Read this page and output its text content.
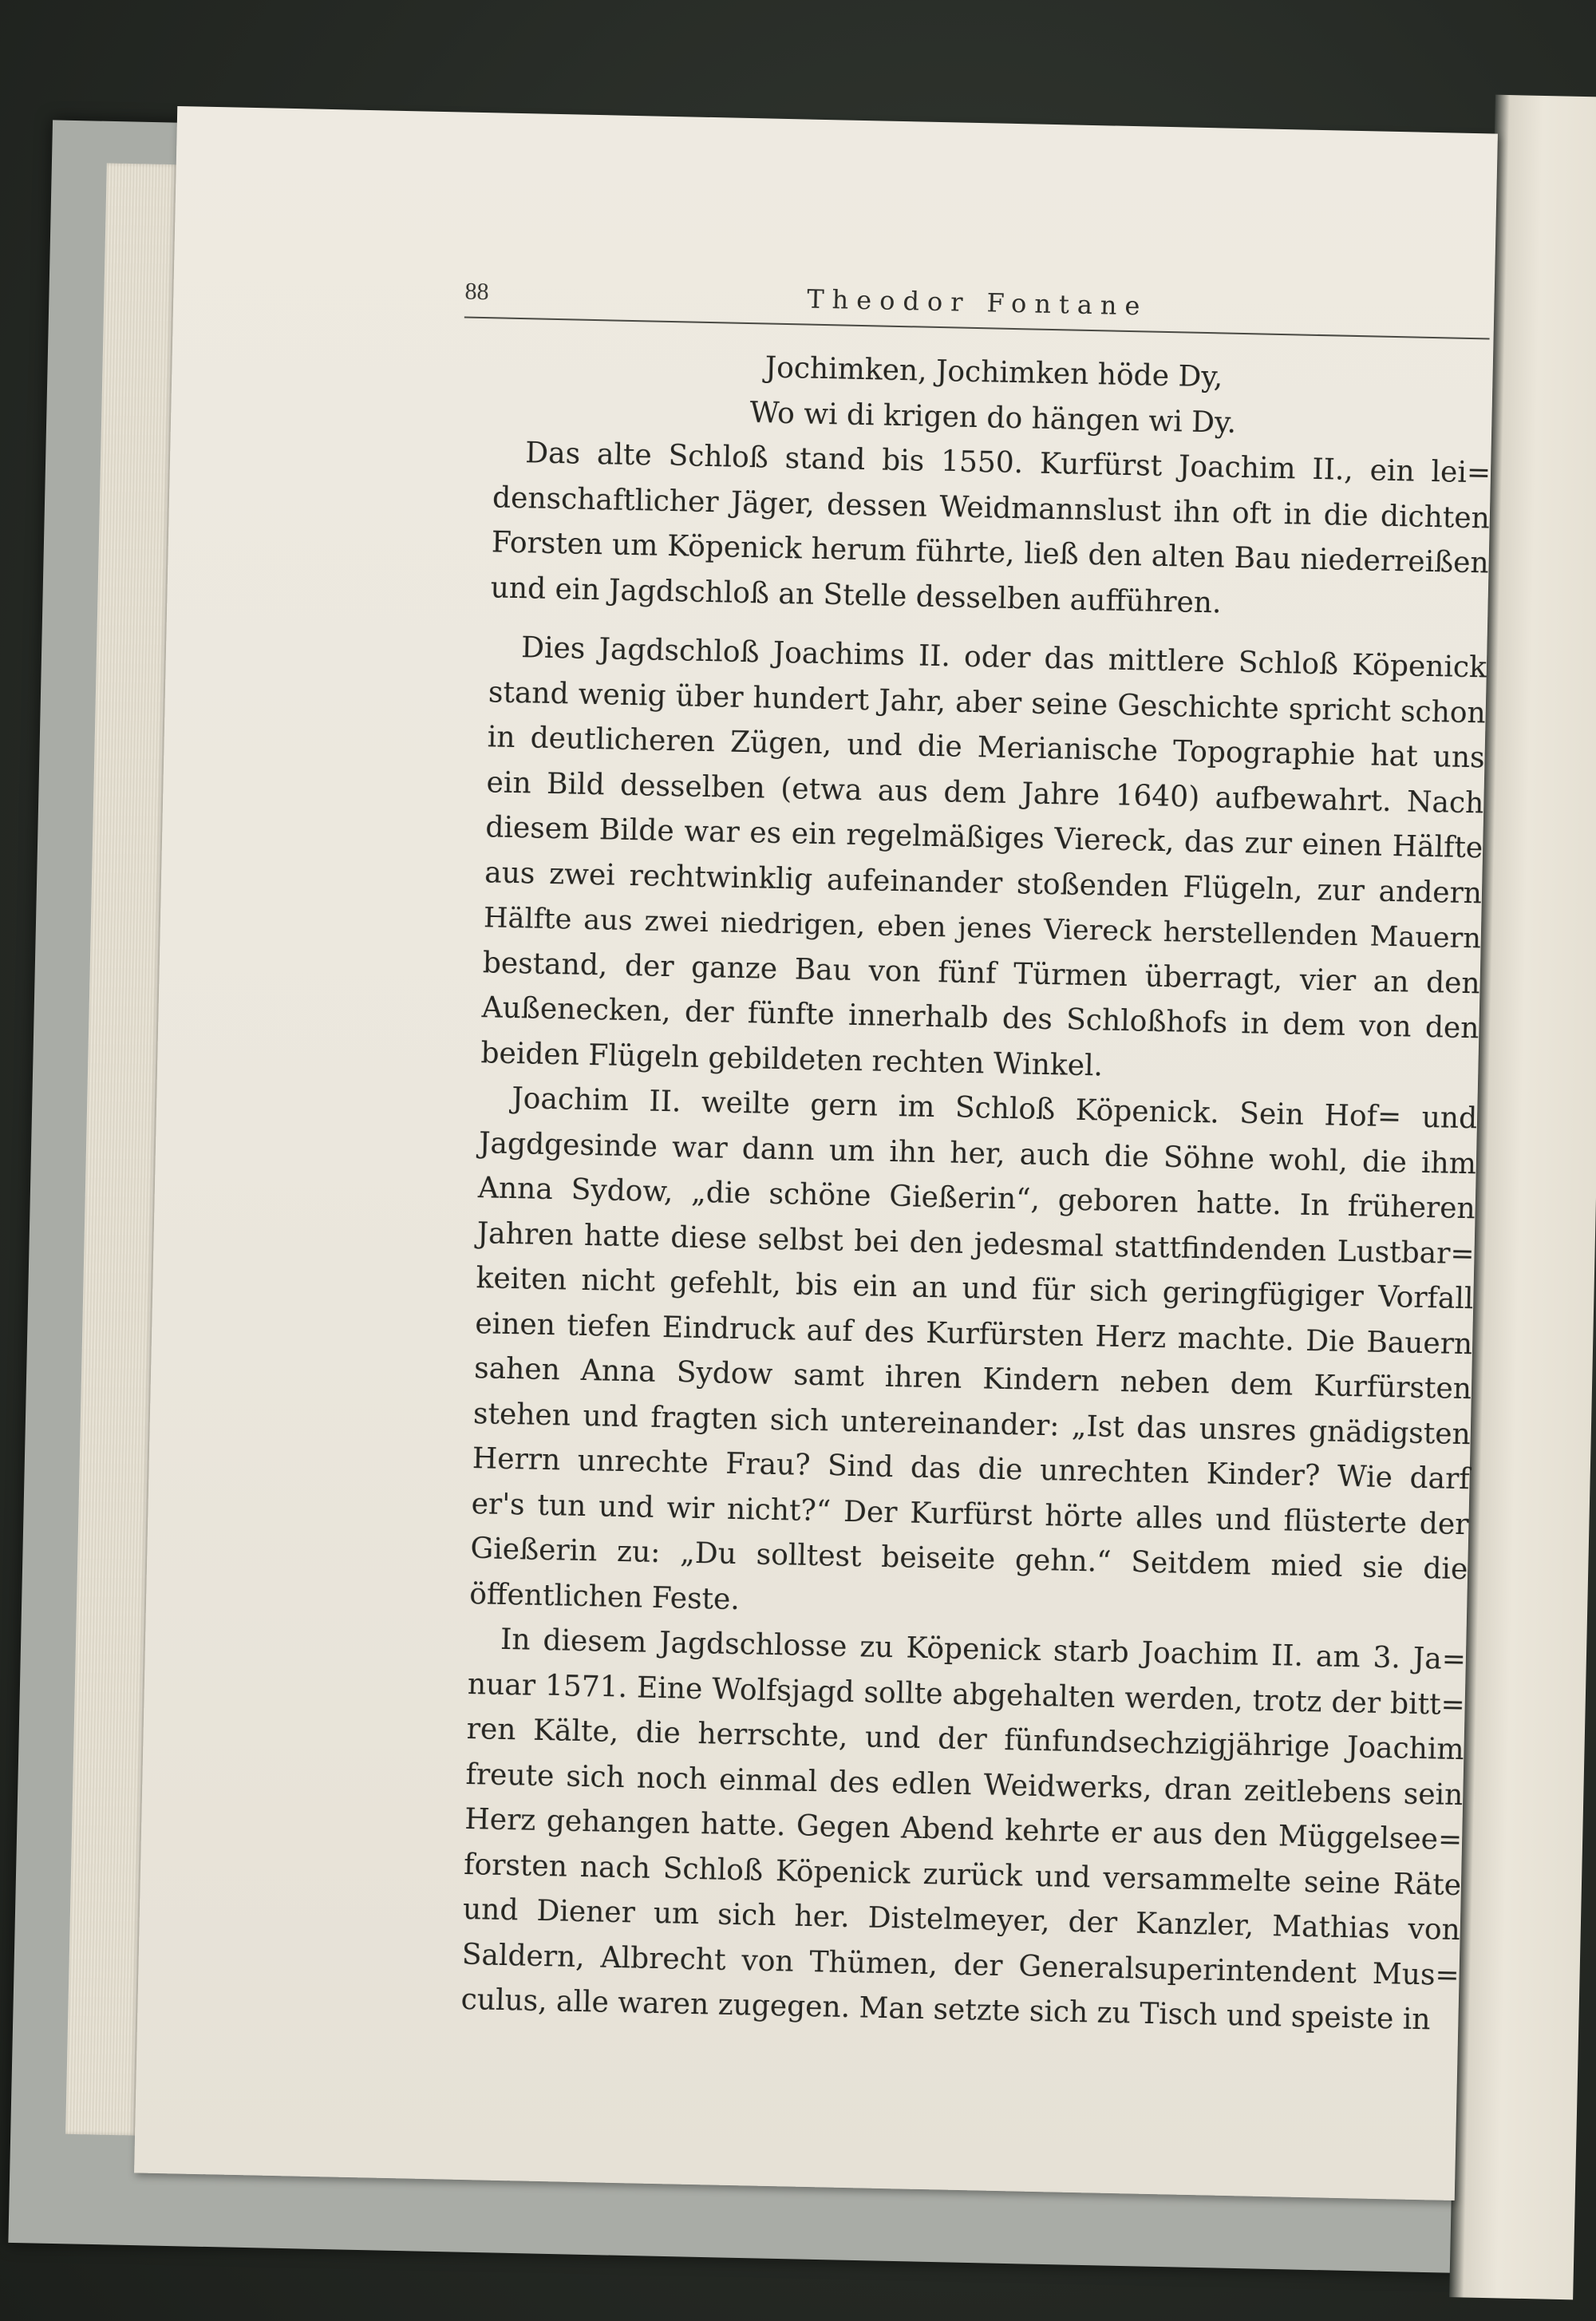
88	Theodor Fontane

Jochimken, Jochimken höde Dy,
Wo wi di krigen do hängen wi Dy.

Das alte Schloß stand bis 1550. Kurfürst Joachim II., ein lei=
denschaftlicher Jäger, dessen Weidmannslust ihn oft in die dichten
Forsten um Köpenick herum führte, ließ den alten Bau niederreißen
und ein Jagdschloß an Stelle desselben aufführen.

Dies Jagdschloß Joachims II. oder das mittlere Schloß Köpenick
stand wenig über hundert Jahr, aber seine Geschichte spricht schon
in deutlicheren Zügen, und die Merianische Topographie hat uns
ein Bild desselben (etwa aus dem Jahre 1640) aufbewahrt. Nach
diesem Bilde war es ein regelmäßiges Viereck, das zur einen Hälfte
aus zwei rechtwinklig aufeinander stoßenden Flügeln, zur andern
Hälfte aus zwei niedrigen, eben jenes Viereck herstellenden Mauern
bestand, der ganze Bau von fünf Türmen überragt, vier an den
Außenecken, der fünfte innerhalb des Schloßhofs in dem von den
beiden Flügeln gebildeten rechten Winkel.

Joachim II. weilte gern im Schloß Köpenick. Sein Hof= und
Jagdgesinde war dann um ihn her, auch die Söhne wohl, die ihm
Anna Sydow, „die schöne Gießerin“, geboren hatte. In früheren
Jahren hatte diese selbst bei den jedesmal stattfindenden Lustbar=
keiten nicht gefehlt, bis ein an und für sich geringfügiger Vorfall
einen tiefen Eindruck auf des Kurfürsten Herz machte. Die Bauern
sahen Anna Sydow samt ihren Kindern neben dem Kurfürsten
stehen und fragten sich untereinander: „Ist das unsres gnädigsten
Herrn unrechte Frau? Sind das die unrechten Kinder? Wie darf
er's tun und wir nicht?“ Der Kurfürst hörte alles und flüsterte der
Gießerin zu: „Du solltest beiseite gehn.“ Seitdem mied sie die
öffentlichen Feste.

In diesem Jagdschlosse zu Köpenick starb Joachim II. am 3. Ja=
nuar 1571. Eine Wolfsjagd sollte abgehalten werden, trotz der bitt=
ren Kälte, die herrschte, und der fünfundsechzigjährige Joachim
freute sich noch einmal des edlen Weidwerks, dran zeitlebens sein
Herz gehangen hatte. Gegen Abend kehrte er aus den Müggelsee=
forsten nach Schloß Köpenick zurück und versammelte seine Räte
und Diener um sich her. Distelmeyer, der Kanzler, Mathias von
Saldern, Albrecht von Thümen, der Generalsuperintendent Mus=
culus, alle waren zugegen. Man setzte sich zu Tisch und speiste in
